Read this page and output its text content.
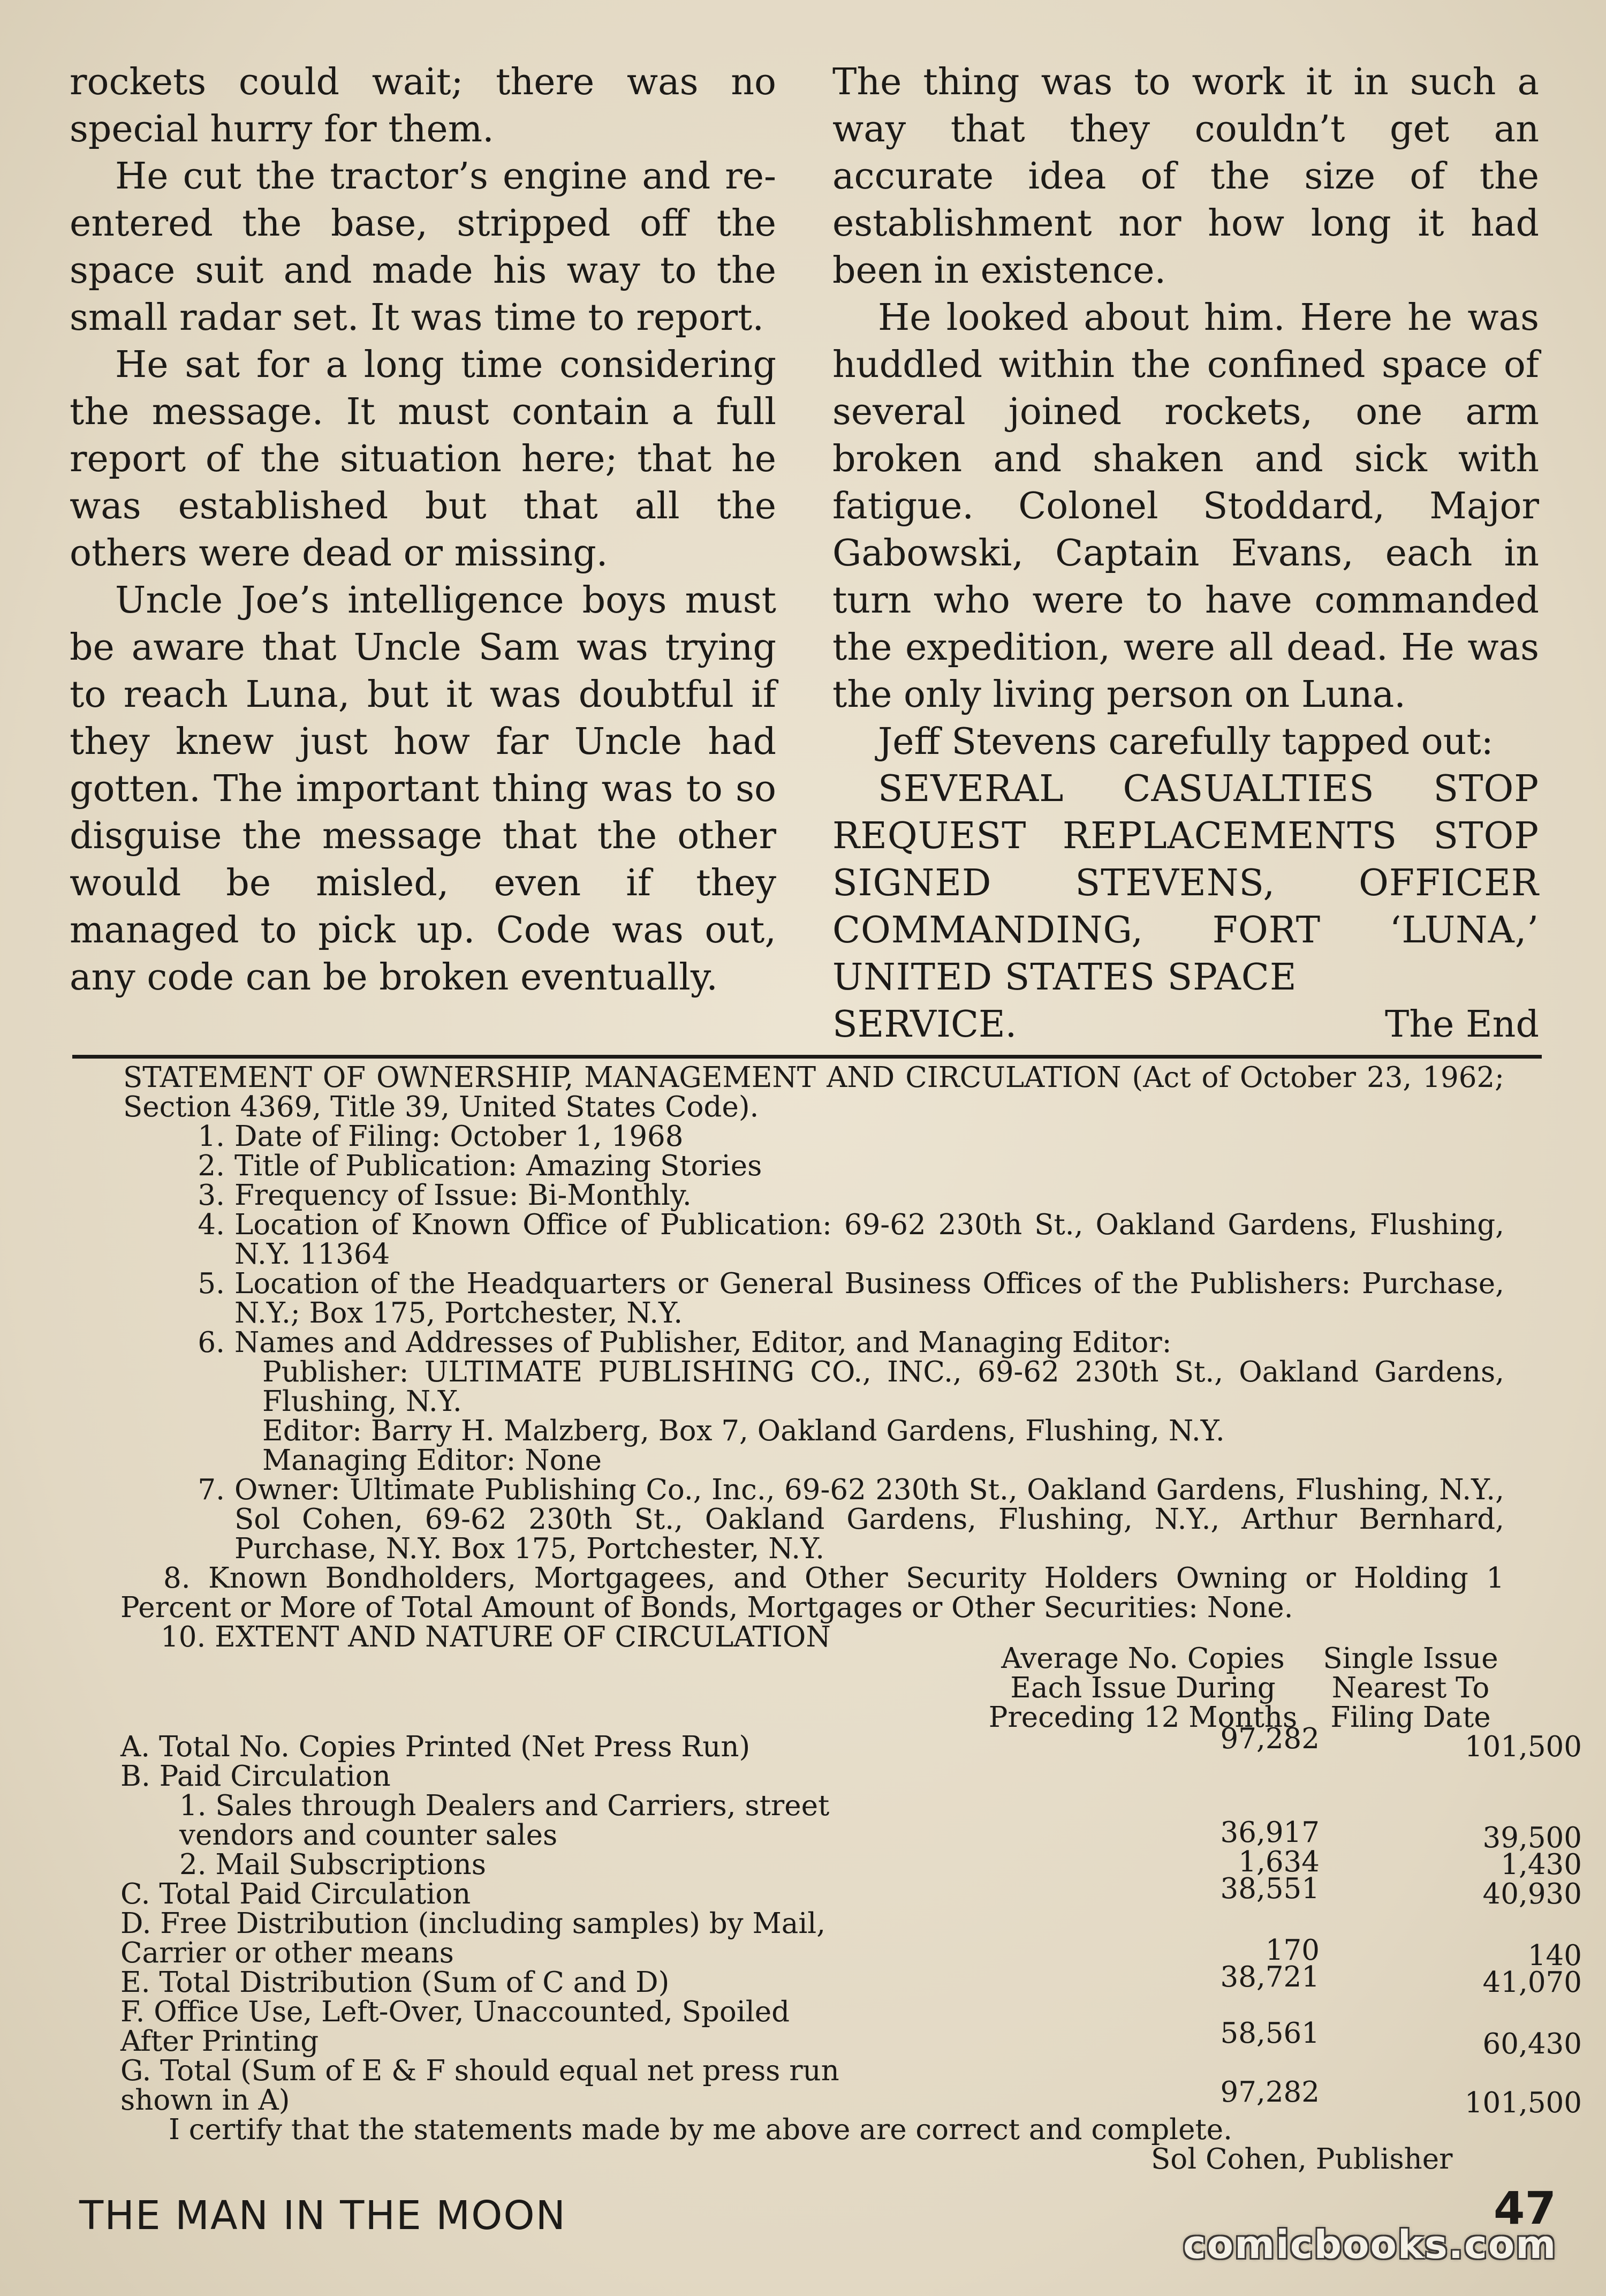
rockets could wait; there was no special hurry for them.

He cut the tractor’s engine and re-entered the base, stripped off the space suit and made his way to the small radar set. It was time to report.

He sat for a long time considering the message. It must contain a full report of the situation here; that he was established but that all the others were dead or missing.

Uncle Joe’s intelligence boys must be aware that Uncle Sam was trying to reach Luna, but it was doubtful if they knew just how far Uncle had gotten. The important thing was to so disguise the message that the other would be misled, even if they managed to pick up. Code was out, any code can be broken eventually.

The thing was to work it in such a way that they couldn’t get an accurate idea of the size of the establishment nor how long it had been in existence.

He looked about him. Here he was huddled within the confined space of several joined rockets, one arm broken and shaken and sick with fatigue. Colonel Stoddard, Major Gabowski, Captain Evans, each in turn who were to have commanded the expedition, were all dead. He was the only living person on Luna.

Jeff Stevens carefully tapped out:

SEVERAL CASUALTIES STOP REQUEST REPLACEMENTS STOP SIGNED STEVENS, OFFICER COMMANDING, FORT ‘LUNA,’ UNITED STATES SPACE

SERVICE.	The End

STATEMENT OF OWNERSHIP, MANAGEMENT AND CIRCULATION (Act of October 23, 1962; Section 4369, Title 39, United States Code).

1. Date of Filing: October 1, 1968
2. Title of Publication: Amazing Stories
3. Frequency of Issue: Bi-Monthly.
4. Location of Known Office of Publication: 69-62 230th St., Oakland Gardens, Flushing, N.Y. 11364
5. Location of the Headquarters or General Business Offices of the Publishers: Purchase, N.Y.; Box 175, Portchester, N.Y.
6. Names and Addresses of Publisher, Editor, and Managing Editor:

Publisher: ULTIMATE PUBLISHING CO., INC., 69-62 230th St., Oakland Gardens, Flushing, N.Y.

Editor: Barry H. Malzberg, Box 7, Oakland Gardens, Flushing, N.Y.

Managing Editor: None

7. Owner: Ultimate Publishing Co., Inc., 69-62 230th St., Oakland Gardens, Flushing, N.Y., Sol Cohen, 69-62 230th St., Oakland Gardens, Flushing, N.Y., Arthur Bernhard, Purchase, N.Y. Box 175, Portchester, N.Y.

8. Known Bondholders, Mortgagees, and Other Security Holders Owning or Holding 1 Percent or More of Total Amount of Bonds, Mortgages or Other Securities: None.

10. EXTENT AND NATURE OF CIRCULATION

Average No. Copies Each Issue During Preceding 12 Months
Single Issue Nearest To Filing Date
A. Total No. Copies Printed (Net Press Run)	97,282	101,500
B. Paid Circulation
1. Sales through Dealers and Carriers, street vendors and counter sales	36,917	39,500
2. Mail Subscriptions	1,634	1,430
C. Total Paid Circulation	38,551	40,930
D. Free Distribution (including samples) by Mail, Carrier or other means	170	140
E. Total Distribution (Sum of C and D)	38,721	41,070
F. Office Use, Left-Over, Unaccounted, Spoiled After Printing	58,561	60,430
G. Total (Sum of E & F should equal net press run shown in A)	97,282	101,500
I certify that the statements made by me above are correct and complete.
Sol Cohen, Publisher
THE MAN IN THE MOON	47
comicbooks.com
